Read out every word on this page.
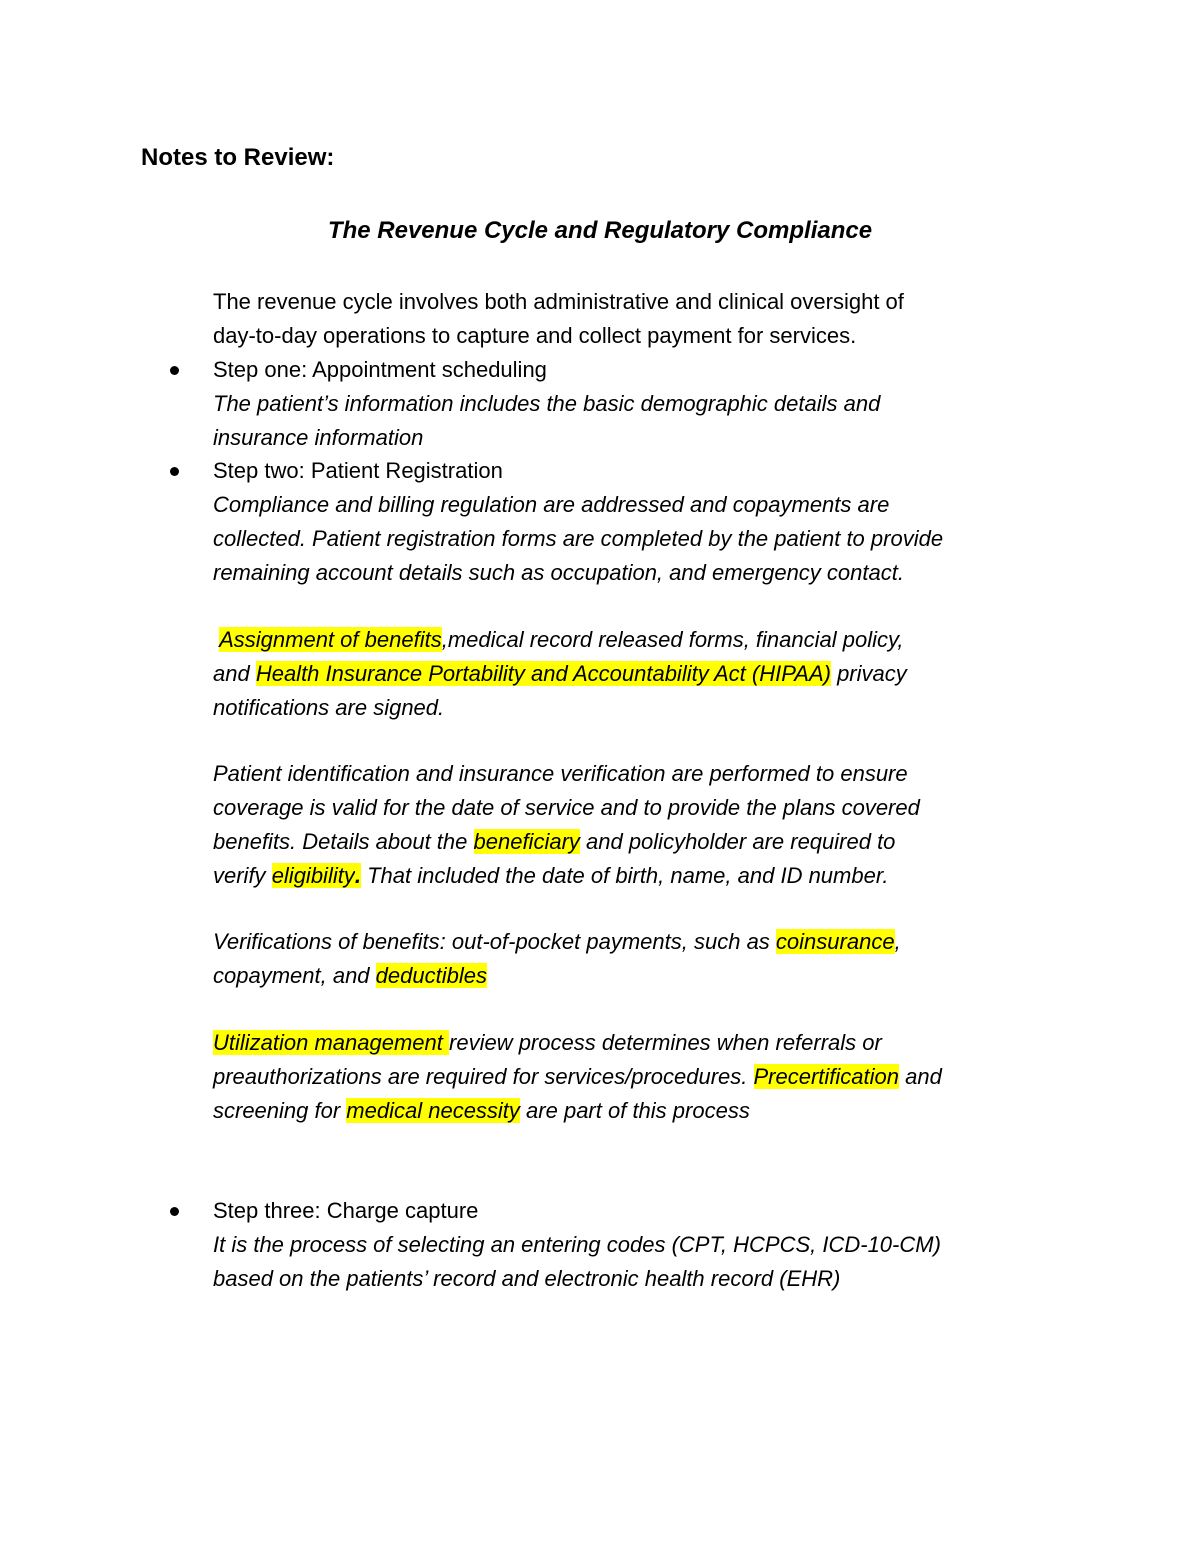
Notes to Review:
The Revenue Cycle and Regulatory Compliance
The revenue cycle involves both administrative and clinical oversight of
day-to-day operations to capture and collect payment for services.
Step one: Appointment scheduling
The patient’s information includes the basic demographic details and
insurance information
Step two: Patient Registration
Compliance and billing regulation are addressed and copayments are
collected. Patient registration forms are completed by the patient to provide
remaining account details such as occupation, and emergency contact.
Assignment of benefits,medical record released forms, financial policy,
and Health Insurance Portability and Accountability Act (HIPAA) privacy
notifications are signed.
Patient identification and insurance verification are performed to ensure
coverage is valid for the date of service and to provide the plans covered
benefits. Details about the beneficiary and policyholder are required to
verify eligibility. That included the date of birth, name, and ID number.
Verifications of benefits: out-of-pocket payments, such as coinsurance,
copayment, and deductibles
Utilization management review process determines when referrals or
preauthorizations are required for services/procedures. Precertification and
screening for medical necessity are part of this process
Step three: Charge capture
It is the process of selecting an entering codes (CPT, HCPCS, ICD-10-CM)
based on the patients’ record and electronic health record (EHR)
